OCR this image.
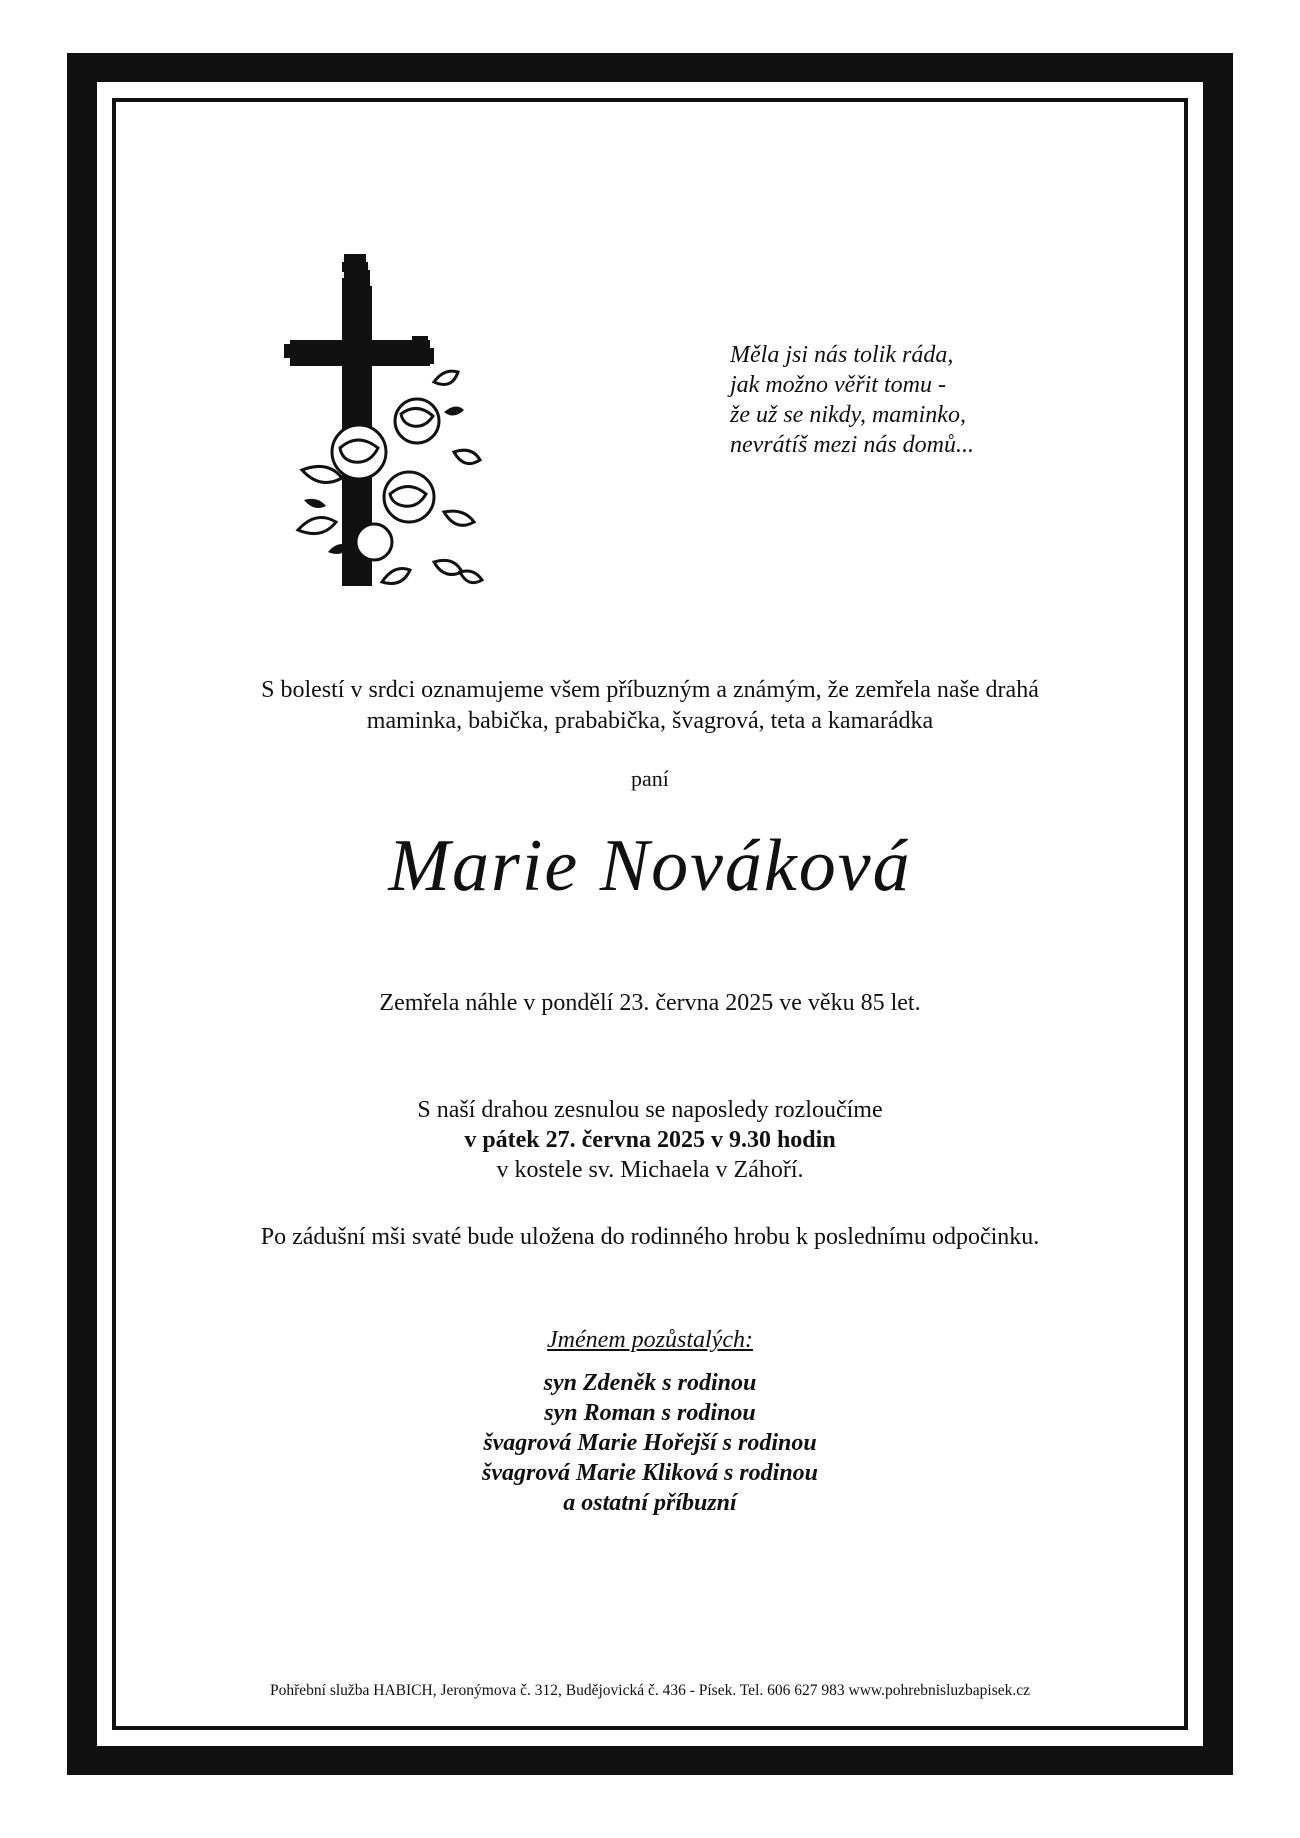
Měla jsi nás tolik ráda,
jak možno věřit tomu -
že už se nikdy, maminko,
nevrátíš mezi nás domů...
S bolestí v srdci oznamujeme všem příbuzným a známým, že zemřela naše drahá
maminka, babička, prababička, švagrová, teta a kamarádka
paní
Marie Nováková
Zemřela náhle v pondělí 23. června 2025 ve věku 85 let.
S naší drahou zesnulou se naposledy rozloučíme
v pátek 27. června 2025 v 9.30 hodin
v kostele sv. Michaela v Záhoří.
Po zádušní mši svaté bude uložena do rodinného hrobu k poslednímu odpočinku.
Jménem pozůstalých:
syn Zdeněk s rodinou
syn Roman s rodinou
švagrová Marie Hořejší s rodinou
švagrová Marie Kliková s rodinou
a ostatní příbuzní
Pohřební služba HABICH, Jeronýmova č. 312, Budějovická č. 436 - Písek. Tel. 606 627 983 www.pohrebnisluzbapisek.cz
